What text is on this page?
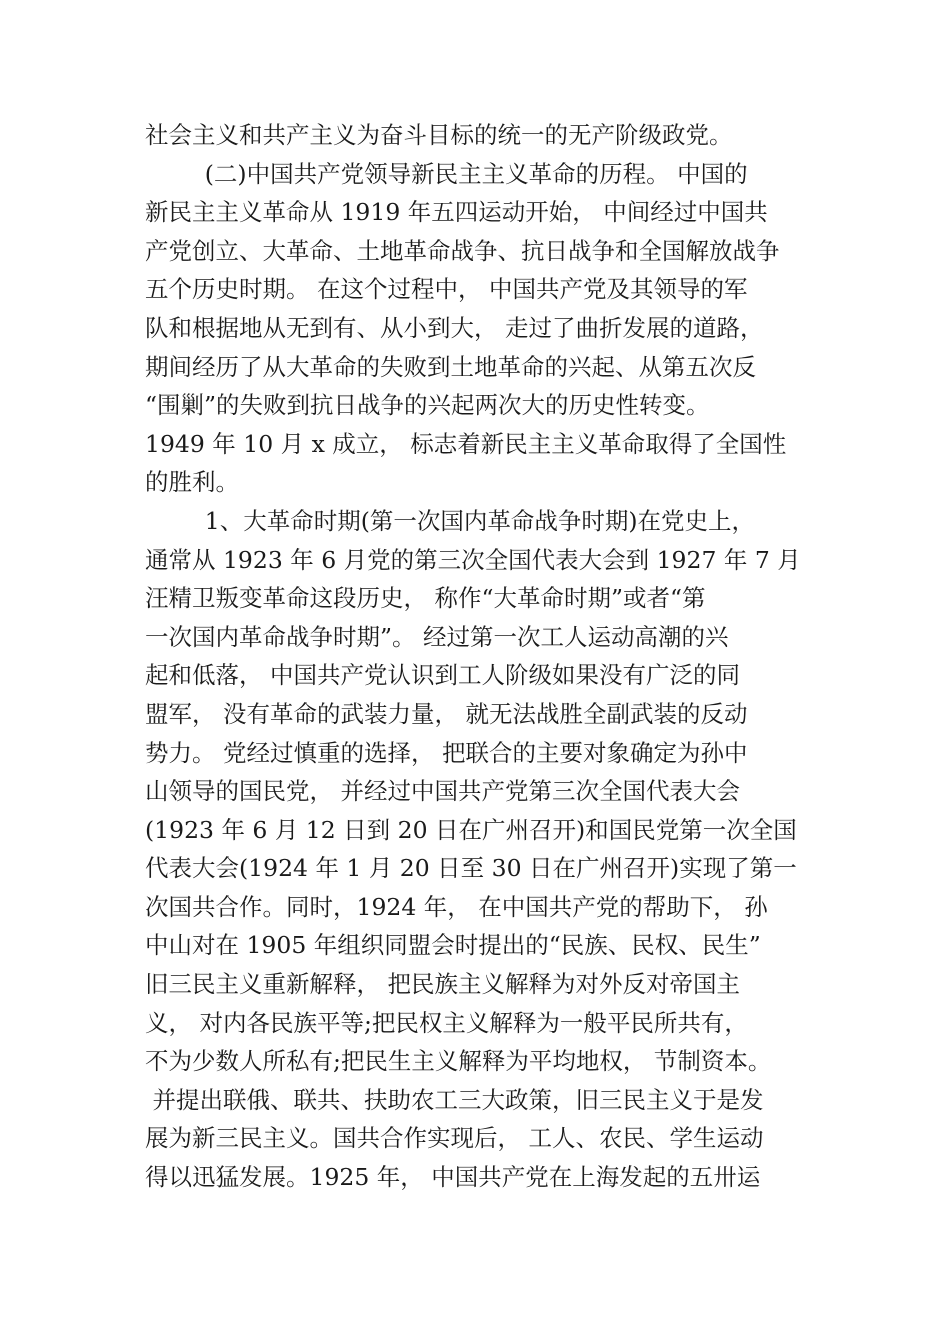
社会主义和共产主义为奋斗目标的统一的无产阶级政党。
(二)中国共产党领导新民主主义革命的历程。 中国的
新民主主义革命从 1919 年五四运动开始， 中间经过中国共
产党创立、大革命、土地革命战争、抗日战争和全国解放战争
五个历史时期。 在这个过程中， 中国共产党及其领导的军
队和根据地从无到有、从小到大， 走过了曲折发展的道路，
期间经历了从大革命的失败到土地革命的兴起、从第五次反
“围剿”的失败到抗日战争的兴起两次大的历史性转变。
1949 年 10 月 x 成立， 标志着新民主主义革命取得了全国性
的胜利。
1、大革命时期(第一次国内革命战争时期)在党史上，
通常从 1923 年 6 月党的第三次全国代表大会到 1927 年 7 月
汪精卫叛变革命这段历史， 称作“大革命时期”或者“第
一次国内革命战争时期”。 经过第一次工人运动高潮的兴
起和低落， 中国共产党认识到工人阶级如果没有广泛的同
盟军， 没有革命的武装力量， 就无法战胜全副武装的反动
势力。 党经过慎重的选择， 把联合的主要对象确定为孙中
山领导的国民党， 并经过中国共产党第三次全国代表大会
(1923 年 6 月 12 日到 20 日在广州召开)和国民党第一次全国
代表大会(1924 年 1 月 20 日至 30 日在广州召开)实现了第一
次国共合作。同时，1924 年， 在中国共产党的帮助下， 孙
中山对在 1905 年组织同盟会时提出的“民族、民权、民生”
旧三民主义重新解释， 把民族主义解释为对外反对帝国主
义， 对内各民族平等;把民权主义解释为一般平民所共有，
不为少数人所私有;把民生主义解释为平均地权， 节制资本。
并提出联俄、联共、扶助农工三大政策，旧三民主义于是发
展为新三民主义。国共合作实现后， 工人、农民、学生运动
得以迅猛发展。1925 年， 中国共产党在上海发起的五卅运
